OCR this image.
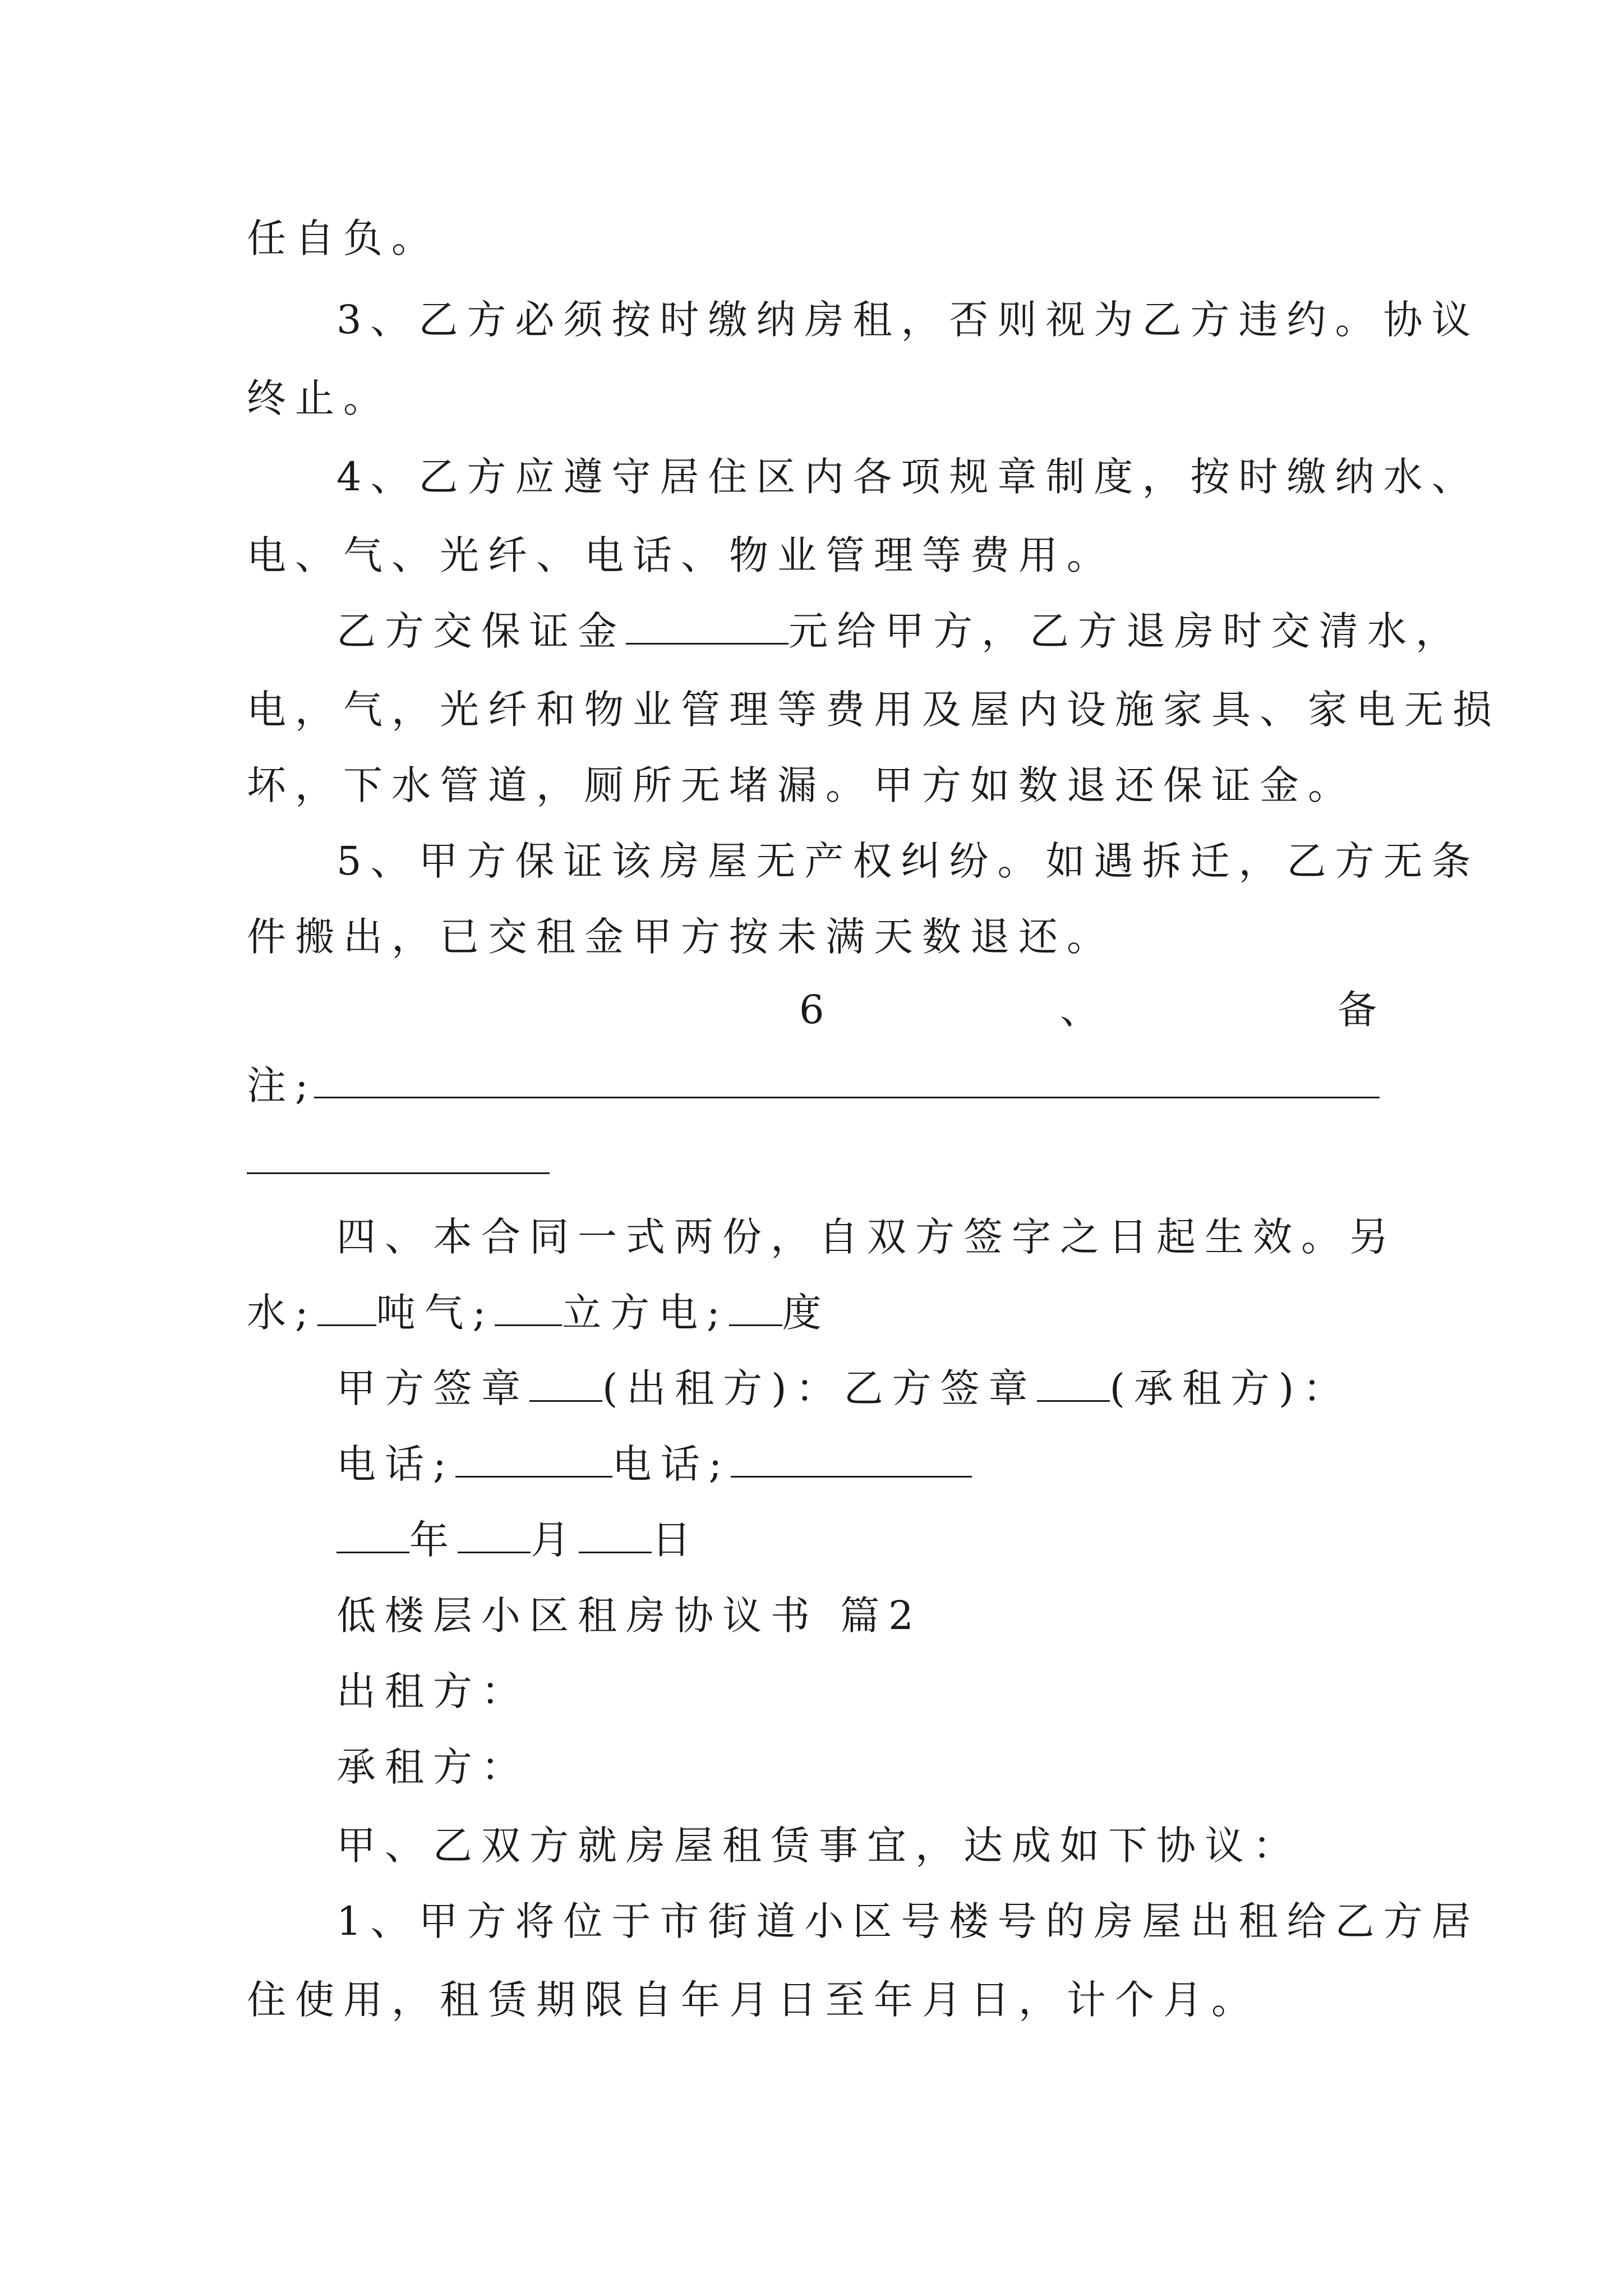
任自负。
3、乙方必须按时缴纳房租，否则视为乙方违约。协议
终止。
4、乙方应遵守居住区内各项规章制度，按时缴纳水、
电、气、光纤、电话、物业管理等费用。
乙方交保证金	元给甲方，乙方退房时交清水，
电，气，光纤和物业管理等费用及屋内设施家具、家电无损
坏，下水管道，厕所无堵漏。甲方如数退还保证金。
5、甲方保证该房屋无产权纠纷。如遇拆迁，乙方无条
件搬出，已交租金甲方按未满天数退还。
6	、	备
注;
四、本合同一式两份，自双方签字之日起生效。另
水; 吨气; 立方电; 度
甲方签章 (出租方)：乙方签章 (承租方)：
电话;	电话;
年 月 日
低楼层小区租房协议书 篇2
出租方：
承租方：
甲、乙双方就房屋租赁事宜，达成如下协议：
1、甲方将位于市街道小区号楼号的房屋出租给乙方居
住使用，租赁期限自年月日至年月日，计个月。
